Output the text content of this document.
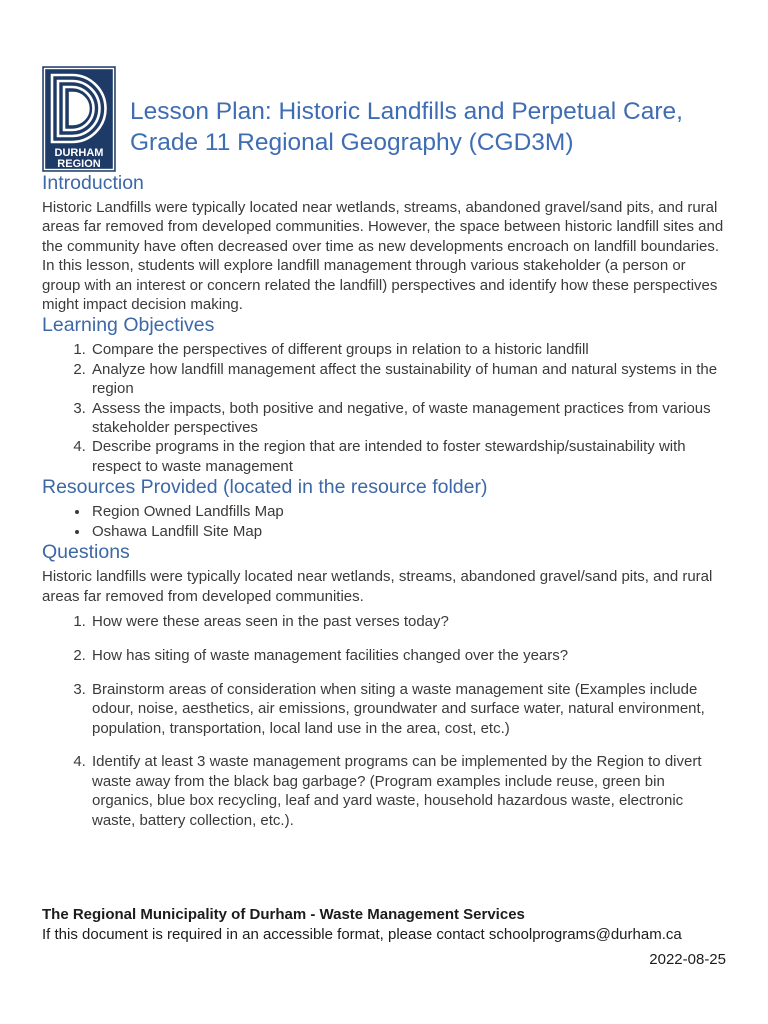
DURHAM
REGION
Lesson Plan: Historic Landfills and Perpetual Care,
Grade 11 Regional Geography (CGD3M)
Introduction

Historic Landfills were typically located near wetlands, streams, abandoned gravel/sand pits, and rural areas far removed from developed communities. However, the space between historic landfill sites and the community have often decreased over time as new developments encroach on landfill boundaries. In this lesson, students will explore landfill management through various stakeholder (a person or group with an interest or concern related the landfill) perspectives and identify how these perspectives might impact decision making.

Learning Objectives
1. Compare the perspectives of different groups in relation to a historic landfill
2. Analyze how landfill management affect the sustainability of human and natural systems in the region
3. Assess the impacts, both positive and negative, of waste management practices from various stakeholder perspectives
4. Describe programs in the region that are intended to foster stewardship/sustainability with respect to waste management
Resources Provided (located in the resource folder)
• Region Owned Landfills Map
• Oshawa Landfill Site Map
Questions

Historic landfills were typically located near wetlands, streams, abandoned gravel/sand pits, and rural areas far removed from developed communities.

1. How were these areas seen in the past verses today?
2. How has siting of waste management facilities changed over the years?
3. Brainstorm areas of consideration when siting a waste management site (Examples include odour, noise, aesthetics, air emissions, groundwater and surface water, natural environment, population, transportation, local land use in the area, cost, etc.)
4. Identify at least 3 waste management programs can be implemented by the Region to divert waste away from the black bag garbage? (Program examples include reuse, green bin organics, blue box recycling, leaf and yard waste, household hazardous waste, electronic waste, battery collection, etc.).
The Regional Municipality of Durham - Waste Management Services
If this document is required in an accessible format, please contact schoolprograms@durham.ca
2022-08-25
